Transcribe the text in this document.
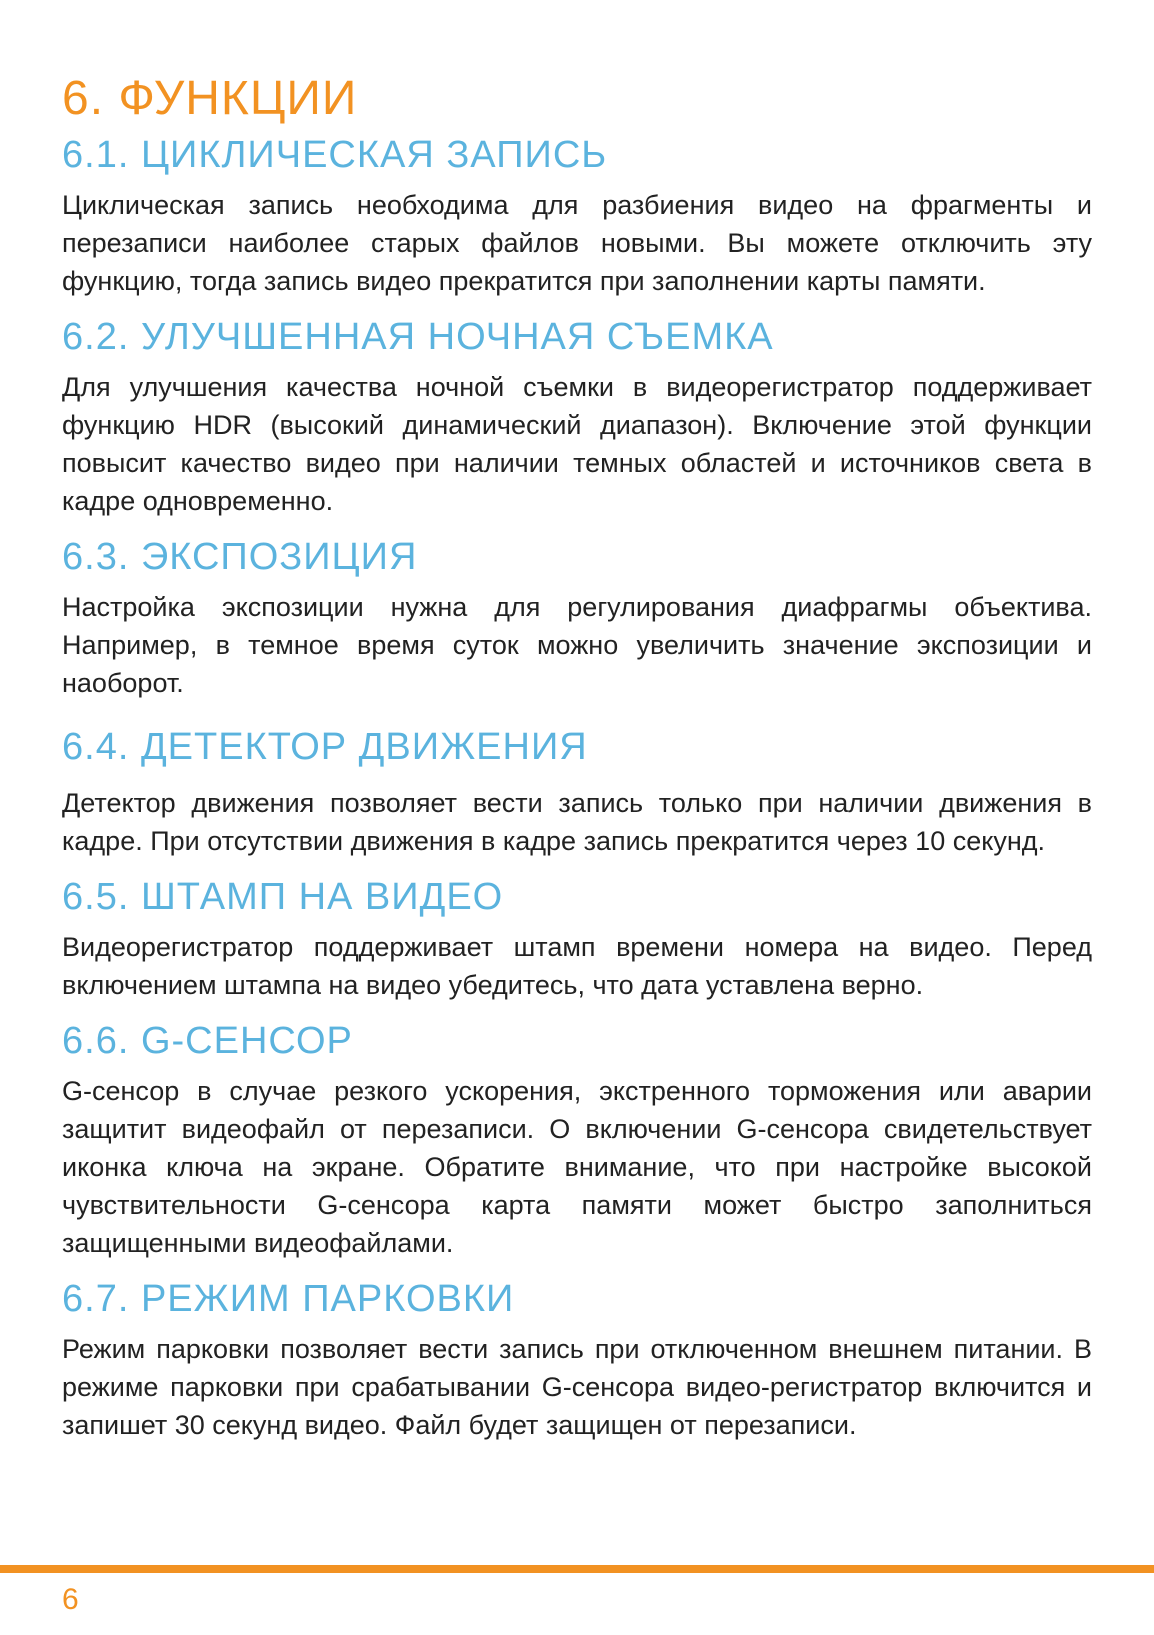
6. ФУНКЦИИ
6.1. ЦИКЛИЧЕСКАЯ ЗАПИСЬ

Циклическая запись необходима для разбиения видео на фрагменты и перезаписи наиболее старых файлов новыми. Вы можете отключить эту функцию, тогда запись видео прекратится при заполнении карты памяти.

6.2. УЛУЧШЕННАЯ НОЧНАЯ СЪЕМКА

Для улучшения качества ночной съемки в видеорегистратор поддерживает функцию HDR (высокий динамический диапазон). Включение этой функции повысит качество видео при наличии темных областей и источников света в кадре одновременно.

6.3. ЭКСПОЗИЦИЯ

Настройка экспозиции нужна для регулирования диафрагмы объектива. Например, в темное время суток можно увеличить значение экспозиции и наоборот.

6.4. ДЕТЕКТОР ДВИЖЕНИЯ

Детектор движения позволяет вести запись только при наличии движения в кадре. При отсутствии движения в кадре запись прекратится через 10 секунд.

6.5. ШТАМП НА ВИДЕО

Видеорегистратор поддерживает штамп времени номера на видео. Перед включением штампа на видео убедитесь, что дата уставлена верно.

6.6. G-СЕНСОР

G-сенсор в случае резкого ускорения, экстренного торможения или аварии защитит видеофайл от перезаписи. О включении G-сенсора свидетельствует иконка ключа на экране. Обратите внимание, что при настройке высокой чувствительности G-сенсора карта памяти может быстро заполниться защищенными видеофайлами.

6.7. РЕЖИМ ПАРКОВКИ

Режим парковки позволяет вести запись при отключенном внешнем питании. В режиме парковки при срабатывании G-сенсора видео-регистратор включится и запишет 30 секунд видео. Файл будет защищен от перезаписи.

6
